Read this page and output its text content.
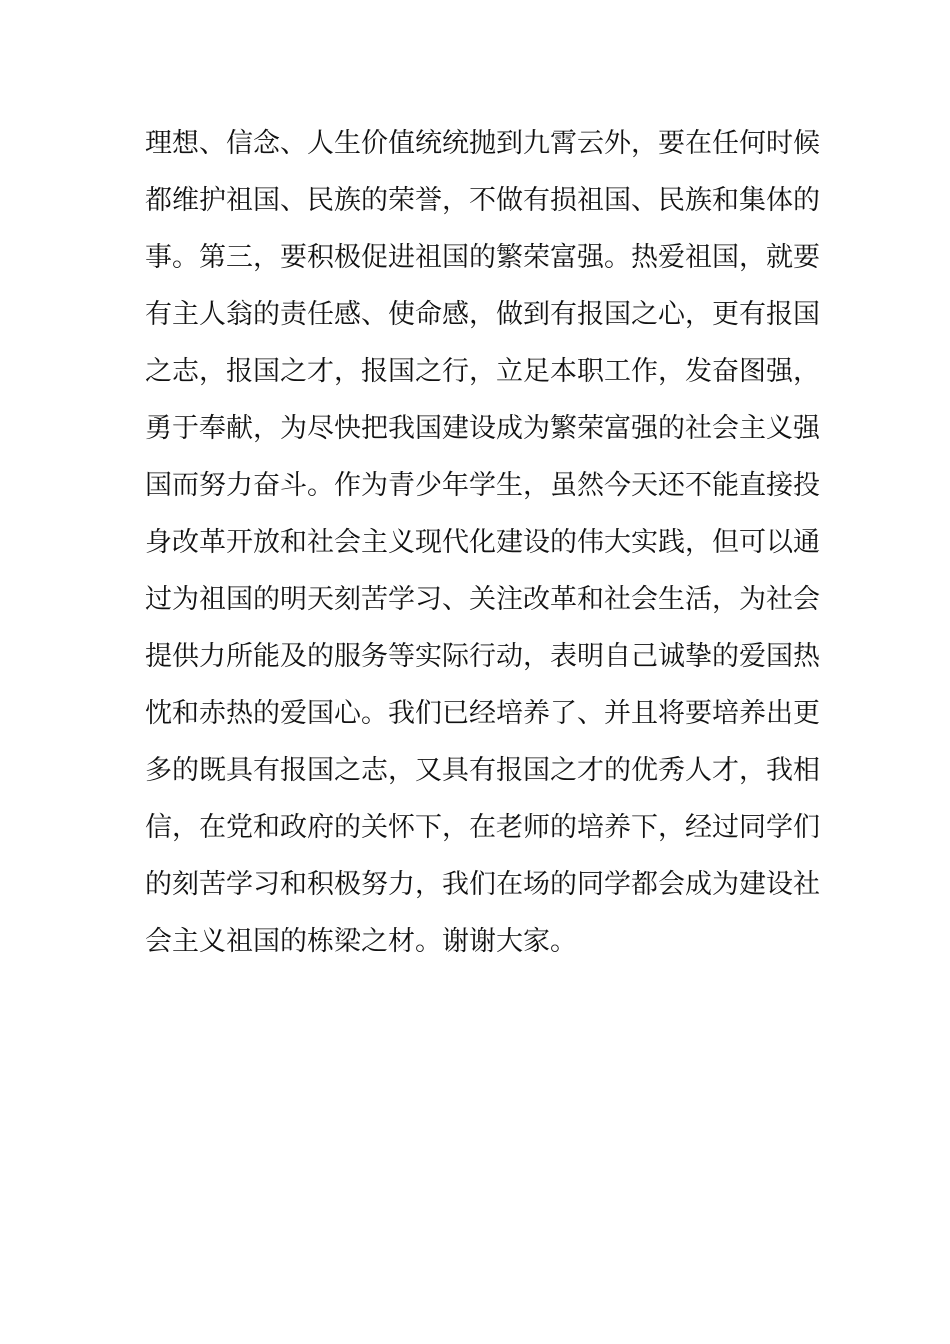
理想、信念、人生价值统统抛到九霄云外，要在任何时候
都维护祖国、民族的荣誉，不做有损祖国、民族和集体的
事。第三，要积极促进祖国的繁荣富强。热爱祖国，就要
有主人翁的责任感、使命感，做到有报国之心，更有报国
之志，报国之才，报国之行，立足本职工作，发奋图强，
勇于奉献，为尽快把我国建设成为繁荣富强的社会主义强
国而努力奋斗。作为青少年学生，虽然今天还不能直接投
身改革开放和社会主义现代化建设的伟大实践，但可以通
过为祖国的明天刻苦学习、关注改革和社会生活，为社会
提供力所能及的服务等实际行动，表明自己诚挚的爱国热
忱和赤热的爱国心。我们已经培养了、并且将要培养出更
多的既具有报国之志，又具有报国之才的优秀人才，我相
信，在党和政府的关怀下，在老师的培养下，经过同学们
的刻苦学习和积极努力，我们在场的同学都会成为建设社
会主义祖国的栋梁之材。谢谢大家。
